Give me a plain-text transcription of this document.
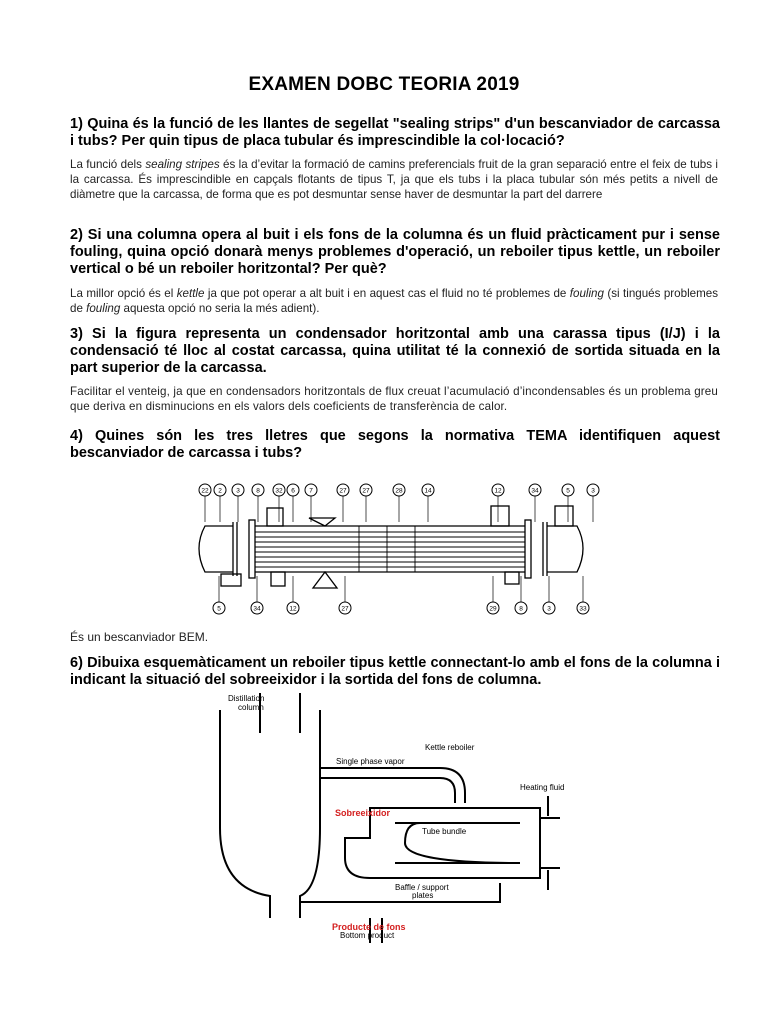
EXAMEN DOBC TEORIA 2019
1) Quina és la funció de les llantes de segellat "sealing strips" d'un bescanviador de carcassa i tubs? Per quin tipus de placa tubular és imprescindible la col·locació?
La funció dels sealing stripes és la d’evitar la formació de camins preferencials fruit de la gran separació entre el feix de tubs i la carcassa. És imprescindible en capçals flotants de tipus T, ja que els tubs i la placa tubular són més petits a nivell de diàmetre que la carcassa, de forma que es pot desmuntar sense haver de desmuntar la part del darrere
2) Si una columna opera al buit i els fons de la columna és un fluid pràcticament pur i sense fouling, quina opció donarà menys problemes d'operació, un reboiler tipus kettle, un reboiler vertical o bé un reboiler horitzontal? Per què?
La millor opció és el kettle ja que pot operar a alt buit i en aquest cas el fluid no té problemes de fouling (si tingués problemes de fouling aquesta opció no seria la més adient).
3) Si la figura representa un condensador horitzontal amb una carassa tipus (I/J) i la condensació té lloc al costat carcassa, quina utilitat té la connexió de sortida situada en la part superior de la carcassa.
Facilitar el venteig, ja que en condensadors horitzontals de flux creuat l’acumulació d’incondensables és un problema greu que deriva en disminucions en els valors dels coeficients de transferència de calor.
4) Quines són les tres lletres que segons la normativa TEMA identifiquen aquest bescanviador de carcassa i tubs?
22 2 3	8 32 6 7	27 27	28	14	12	34	5	3
5	34	12	27	29	8	3	33
És un bescanviador BEM.
6) Dibuixa esquemàticament un reboiler tipus kettle connectant-lo amb el fons de la columna i indicant la situació del sobreeixidor i la sortida del fons de columna.
Distillation
column
Single phase vapor
Kettle reboiler
Heating fluid
Tube bundle
Baffle / support
plates
Bottom product
Sobreeixidor
Producte de fons
